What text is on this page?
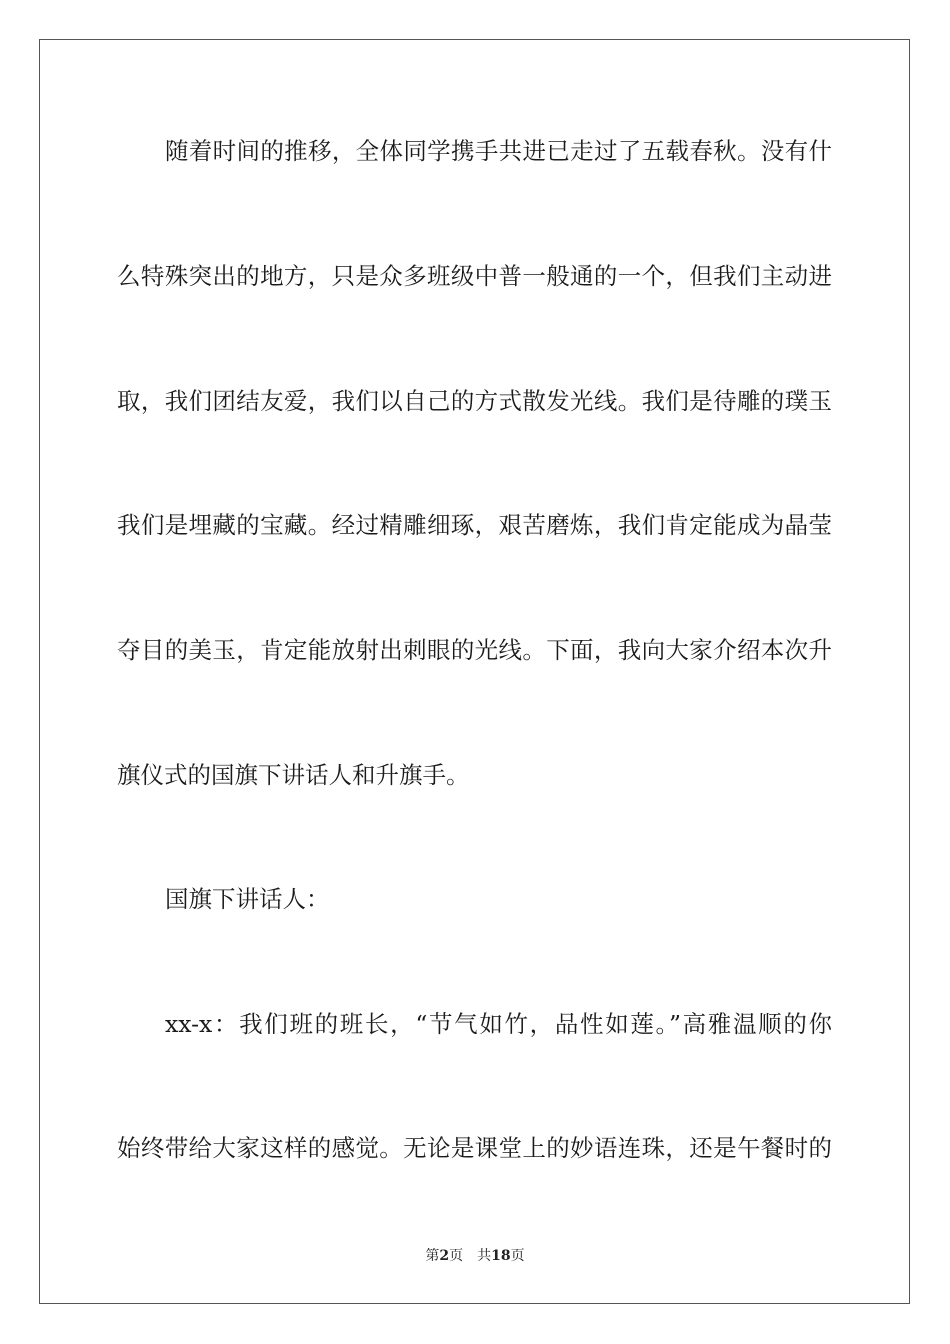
随着时间的推移，全体同学携手共进已走过了五载春秋。没有什
么特殊突出的地方，只是众多班级中普一般通的一个，但我们主动进
取，我们团结友爱，我们以自己的方式散发光线。我们是待雕的璞玉
我们是埋藏的宝藏。经过精雕细琢，艰苦磨炼，我们肯定能成为晶莹
夺目的美玉，肯定能放射出刺眼的光线。下面，我向大家介绍本次升
旗仪式的国旗下讲话人和升旗手。
国旗下讲话人：
xx-x：我们班的班长，“节气如竹，品性如莲。”高雅温顺的你
始终带给大家这样的感觉。无论是课堂上的妙语连珠，还是午餐时的
第2页 共18页
